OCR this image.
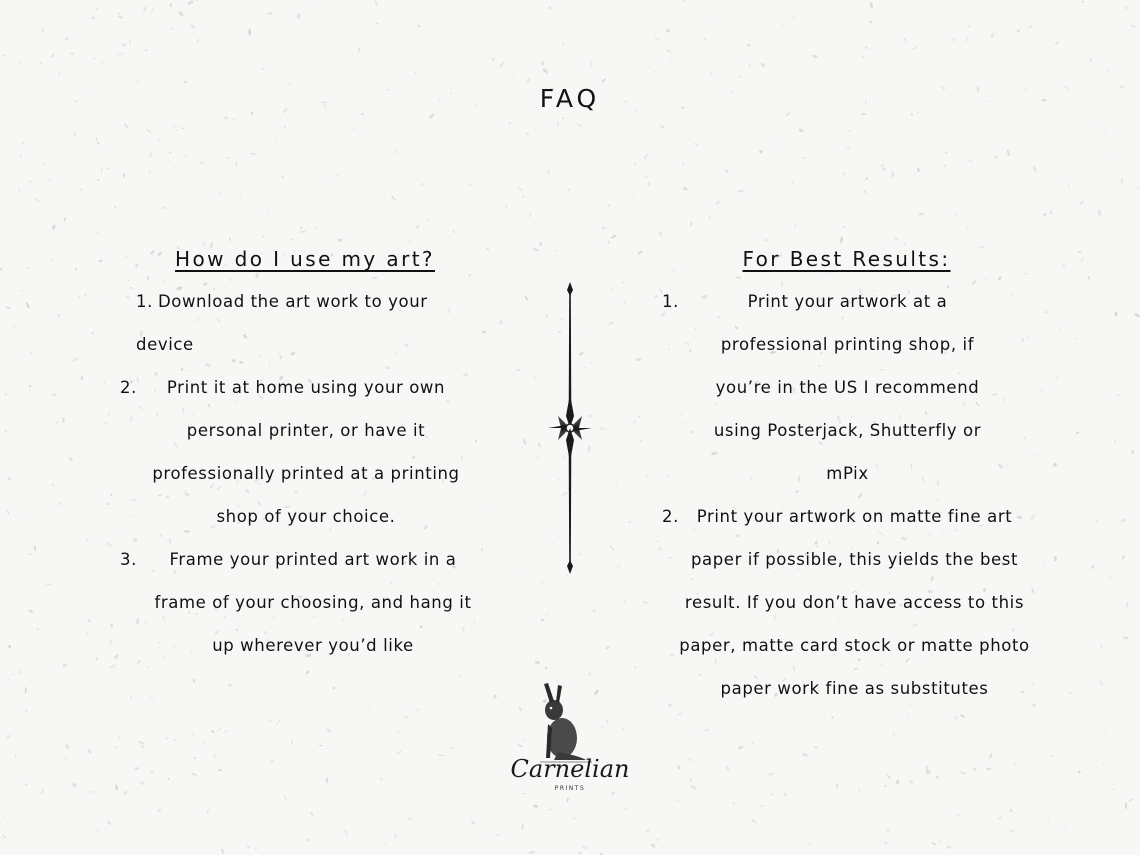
FAQ
How do I use my art?
1. Download the art work to your device
2.	Print it at home using your own personal printer, or have it professionally printed at a printing shop of your choice.
3.	Frame your printed art work in a frame of your choosing, and hang it up wherever you’d like
For Best Results:
1.	Print your artwork at a professional printing shop, if you’re in the US I recommend using Posterjack, Shutterfly or mPix
2.	Print your artwork on matte fine art paper if possible, this yields the best result. If you don’t have access to this paper, matte card stock or matte photo paper work fine as substitutes
Carnelian
PRINTS
